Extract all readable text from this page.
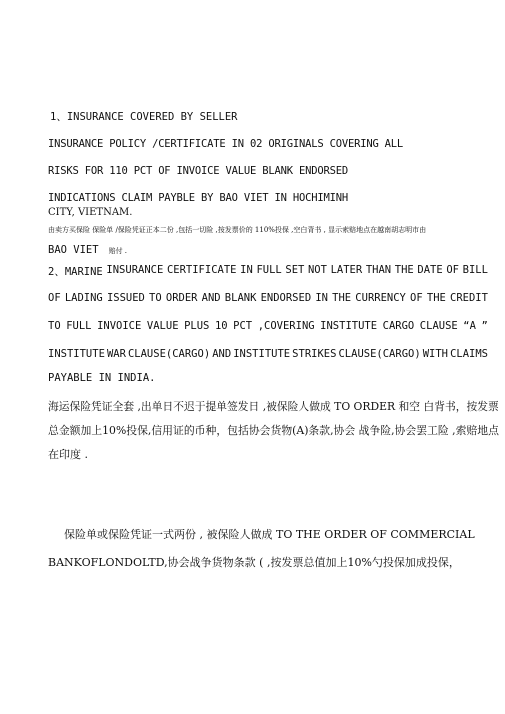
1、INSURANCE COVERED BY SELLER
INSURANCE POLICY /CERTIFICATE IN 02 ORIGINALS COVERING ALL
RISKS FOR 110 PCT OF INVOICE VALUE BLANK ENDORSED
INDICATIONS CLAIM PAYBLE BY BAO VIET IN HOCHIMINH
CITY, VIETNAM.
由卖方买保险 保险单 /保险凭证正本二份 ,包括一切险 ,按发票价的 110%投保 ,空白背书 , 显示索赔地点在越南胡志明市由
BAO VIET 赔付 .
2、MARINE INSURANCE CERTIFICATE IN FULL SET NOT LATER THAN THE DATE OF BILL
OF LADING ISSUED TO ORDER AND BLANK ENDORSED IN THE CURRENCY OF THE CREDIT
TO FULL INVOICE VALUE PLUS 10 PCT ,COVERING INSTITUTE CARGO CLAUSE “A ”
INSTITUTE WAR CLAUSE(CARGO) AND INSTITUTE STRIKES CLAUSE(CARGO) WITH CLAIMS
PAYABLE IN INDIA.
海运保险凭证全套 ,出单日不迟于提单签发日 ,被保险人做成 TO ORDER 和空 白背书，按发票
总金额加上10%投保,信用证的币种，包括协会货物(A)条款,协会 战争险,协会罢工险 ,索赔地点
在印度 .
保险单或保险凭证一式两份 , 被保险人做成 TO THE ORDER OF COMMERCIAL
BANKOFLONDOLTD,协会战争货物条款 ( ,按发票总值加上10%勺投保加成投保，
